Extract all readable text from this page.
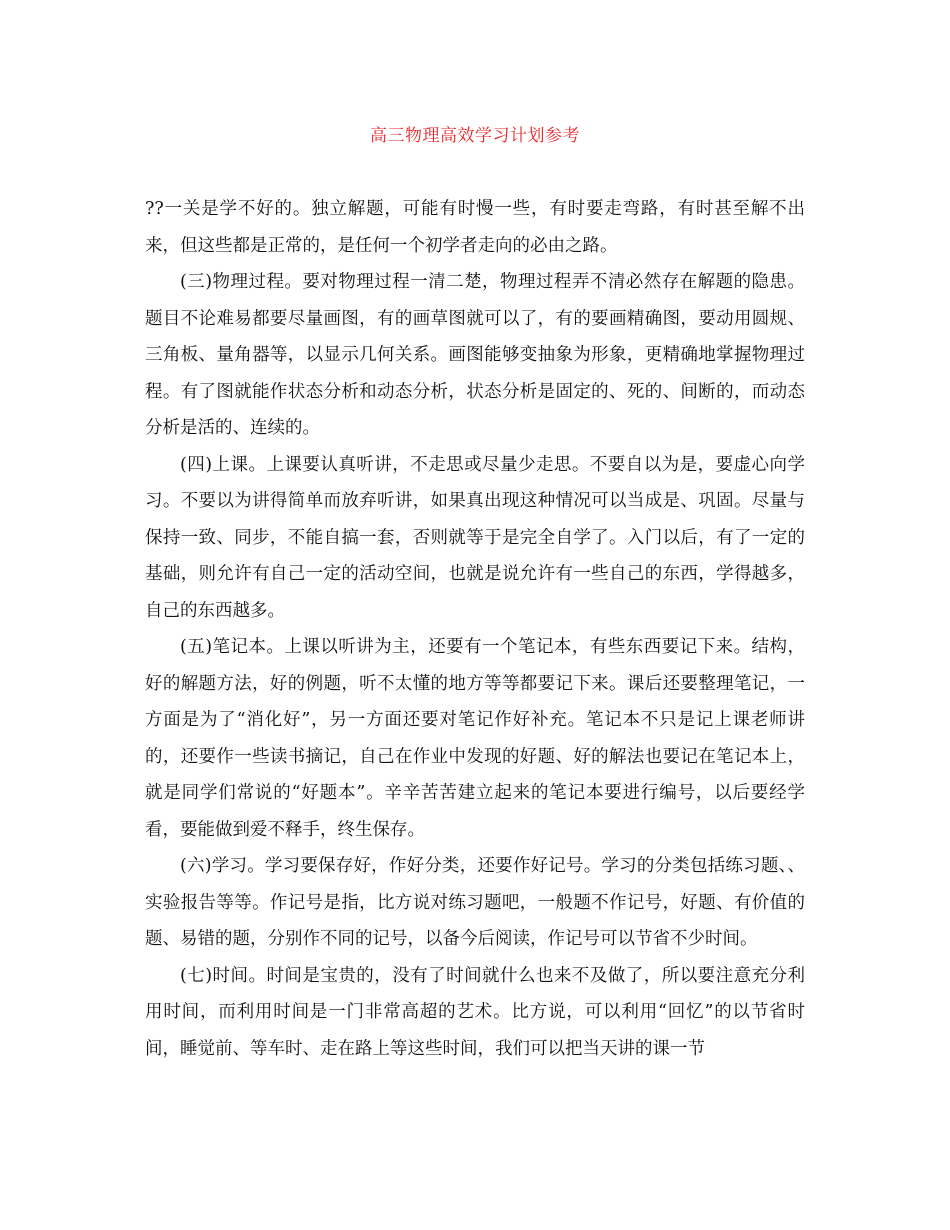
高三物理高效学习计划参考

??一关是学不好的。独立解题，可能有时慢一些，有时要走弯路，有时甚至解不出来，但这些都是正常的，是任何一个初学者走向的必由之路。

(三)物理过程。要对物理过程一清二楚，物理过程弄不清必然存在解题的隐患。题目不论难易都要尽量画图，有的画草图就可以了，有的要画精确图，要动用圆规、三角板、量角器等，以显示几何关系。画图能够变抽象为形象，更精确地掌握物理过程。有了图就能作状态分析和动态分析，状态分析是固定的、死的、间断的，而动态分析是活的、连续的。

(四)上课。上课要认真听讲，不走思或尽量少走思。不要自以为是，要虚心向学习。不要以为讲得简单而放弃听讲，如果真出现这种情况可以当成是、巩固。尽量与保持一致、同步，不能自搞一套，否则就等于是完全自学了。入门以后，有了一定的基础，则允许有自己一定的活动空间，也就是说允许有一些自己的东西，学得越多，自己的东西越多。

(五)笔记本。上课以听讲为主，还要有一个笔记本，有些东西要记下来。结构，好的解题方法，好的例题，听不太懂的地方等等都要记下来。课后还要整理笔记，一方面是为了“消化好”，另一方面还要对笔记作好补充。笔记本不只是记上课老师讲的，还要作一些读书摘记，自己在作业中发现的好题、好的解法也要记在笔记本上，就是同学们常说的“好题本”。辛辛苦苦建立起来的笔记本要进行编号，以后要经学看，要能做到爱不释手，终生保存。

(六)学习。学习要保存好，作好分类，还要作好记号。学习的分类包括练习题、、实验报告等等。作记号是指，比方说对练习题吧，一般题不作记号，好题、有价值的题、易错的题，分别作不同的记号，以备今后阅读，作记号可以节省不少时间。

(七)时间。时间是宝贵的，没有了时间就什么也来不及做了，所以要注意充分利用时间，而利用时间是一门非常高超的艺术。比方说，可以利用“回忆”的以节省时间，睡觉前、等车时、走在路上等这些时间，我们可以把当天讲的课一节
